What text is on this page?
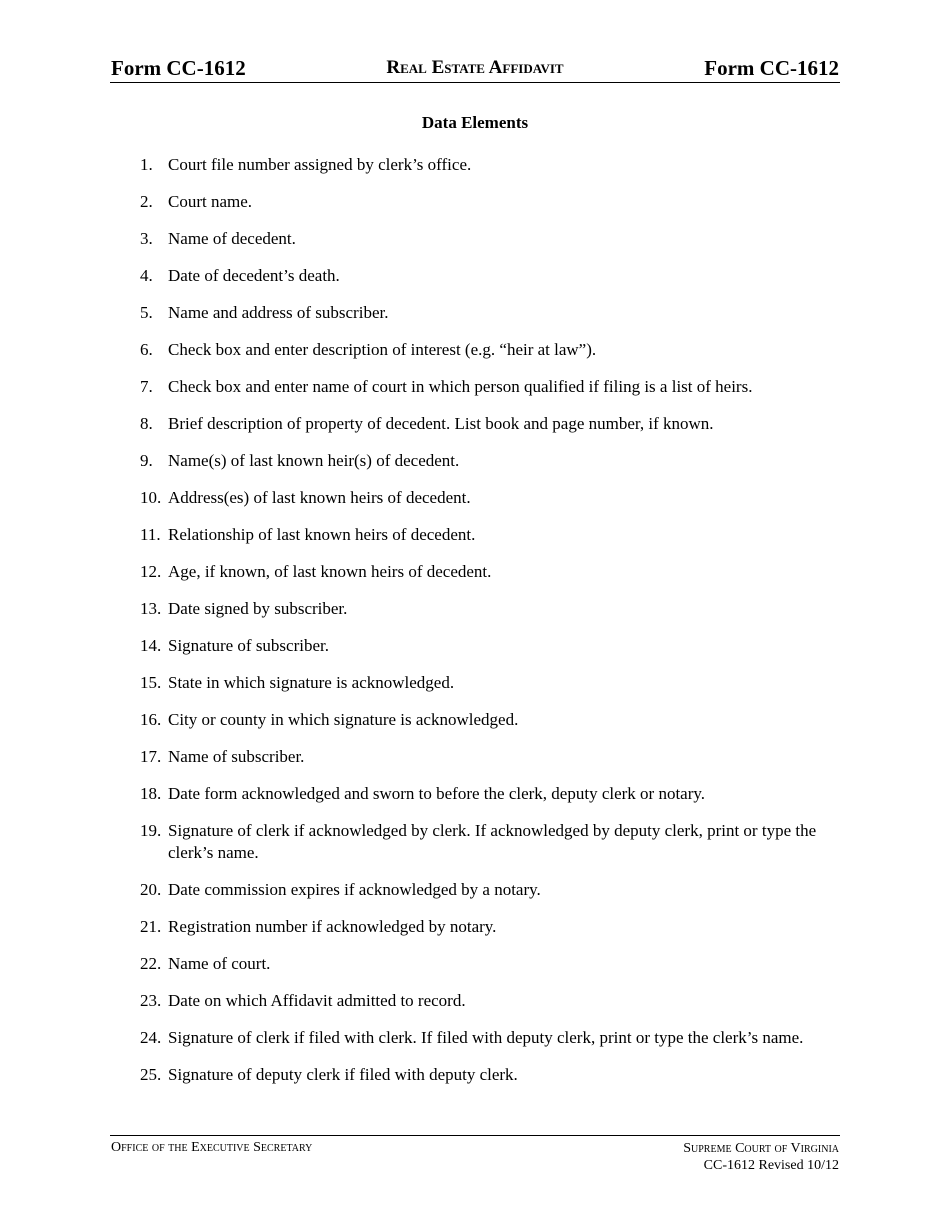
Form CC-1612	Real Estate Affidavit	Form CC-1612
Data Elements
1. Court file number assigned by clerk’s office.
2. Court name.
3. Name of decedent.
4. Date of decedent’s death.
5. Name and address of subscriber.
6. Check box and enter description of interest (e.g. “heir at law”).
7. Check box and enter name of court in which person qualified if filing is a list of heirs.
8. Brief description of property of decedent. List book and page number, if known.
9. Name(s) of last known heir(s) of decedent.
10. Address(es) of last known heirs of decedent.
11. Relationship of last known heirs of decedent.
12. Age, if known, of last known heirs of decedent.
13. Date signed by subscriber.
14. Signature of subscriber.
15. State in which signature is acknowledged.
16. City or county in which signature is acknowledged.
17. Name of subscriber.
18. Date form acknowledged and sworn to before the clerk, deputy clerk or notary.
19. Signature of clerk if acknowledged by clerk. If acknowledged by deputy clerk, print or type the clerk’s name.
20. Date commission expires if acknowledged by a notary.
21. Registration number if acknowledged by notary.
22. Name of court.
23. Date on which Affidavit admitted to record.
24. Signature of clerk if filed with clerk. If filed with deputy clerk, print or type the clerk’s name.
25. Signature of deputy clerk if filed with deputy clerk.
Office of the Executive Secretary	Supreme Court of Virginia
CC-1612 Revised 10/12
